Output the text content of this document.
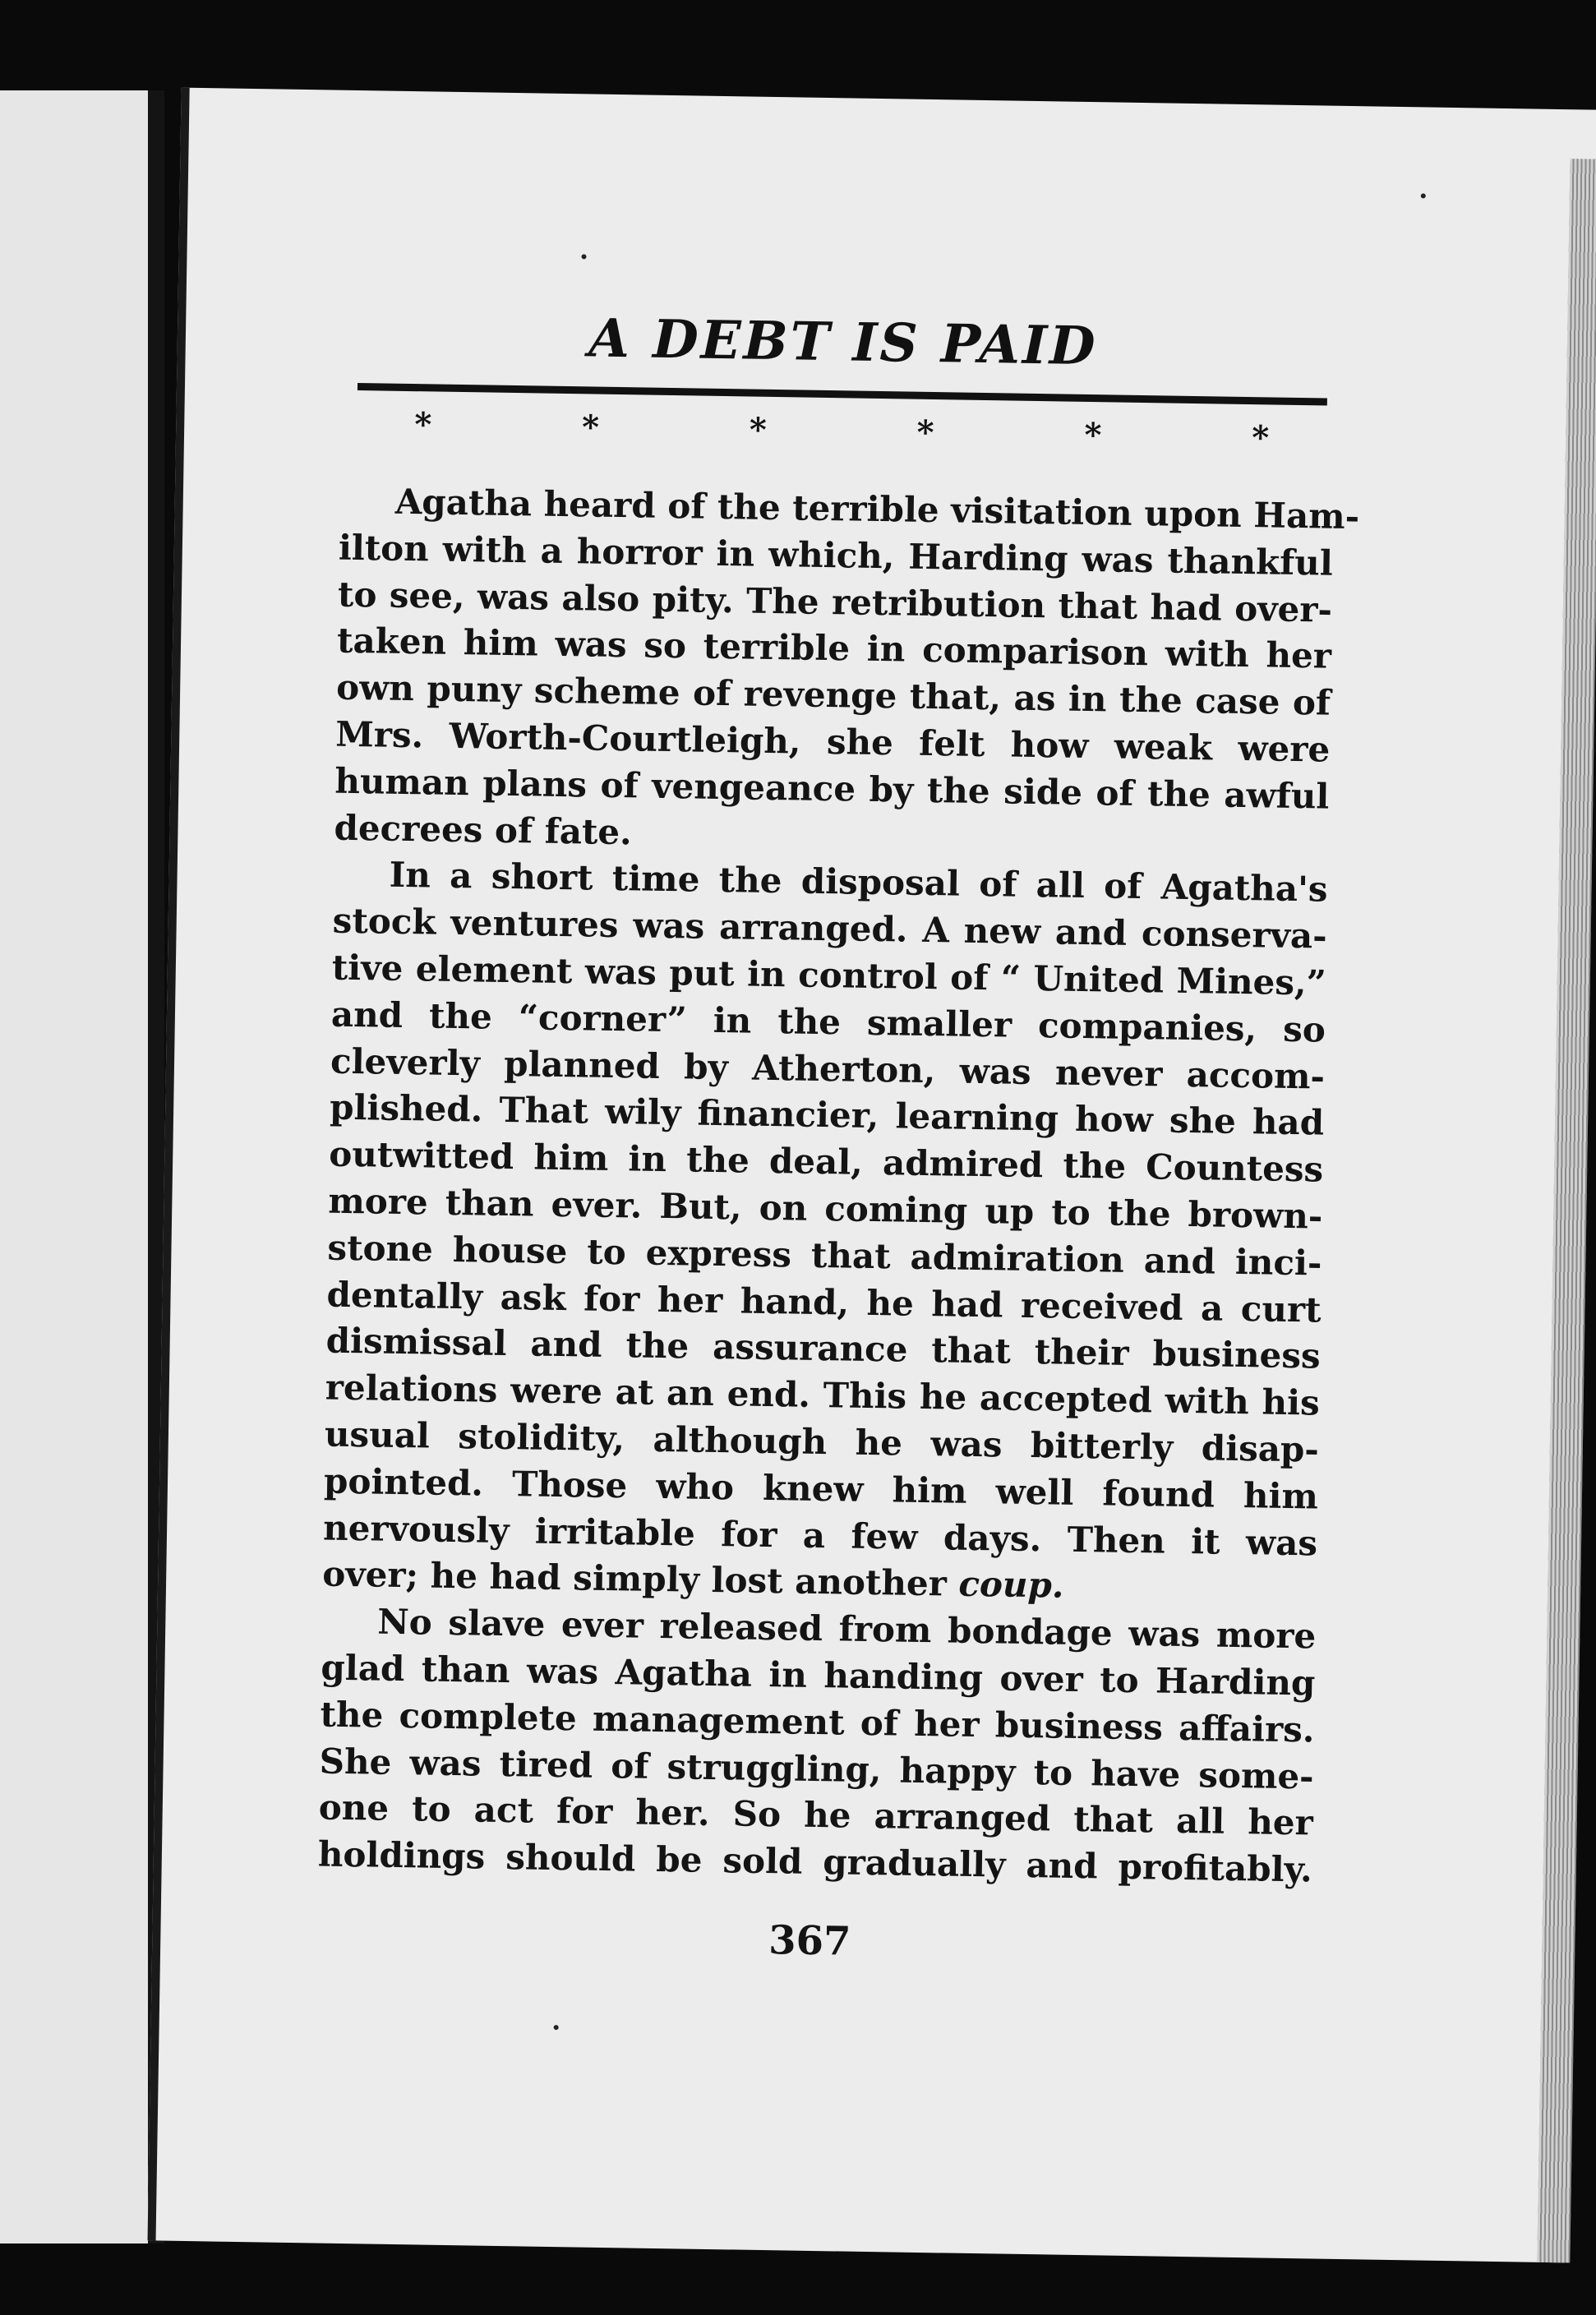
A DEBT IS PAID
*	*	*	*	*	*
Agatha heard of the terrible visitation upon Ham-
ilton with a horror in which, Harding was thankful
to see, was also pity. The retribution that had over-
taken him was so terrible in comparison with her
own puny scheme of revenge that, as in the case of
Mrs. Worth-Courtleigh, she felt how weak were
human plans of vengeance by the side of the awful
decrees of fate.
In a short time the disposal of all of Agatha's
stock ventures was arranged. A new and conserva-
tive element was put in control of “ United Mines,”
and the “corner” in the smaller companies, so
cleverly planned by Atherton, was never accom-
plished. That wily financier, learning how she had
outwitted him in the deal, admired the Countess
more than ever. But, on coming up to the brown-
stone house to express that admiration and inci-
dentally ask for her hand, he had received a curt
dismissal and the assurance that their business
relations were at an end. This he accepted with his
usual stolidity, although he was bitterly disap-
pointed. Those who knew him well found him
nervously irritable for a few days. Then it was
over; he had simply lost another coup.
No slave ever released from bondage was more
glad than was Agatha in handing over to Harding
the complete management of her business affairs.
She was tired of struggling, happy to have some-
one to act for her. So he arranged that all her
holdings should be sold gradually and profitably.
367
